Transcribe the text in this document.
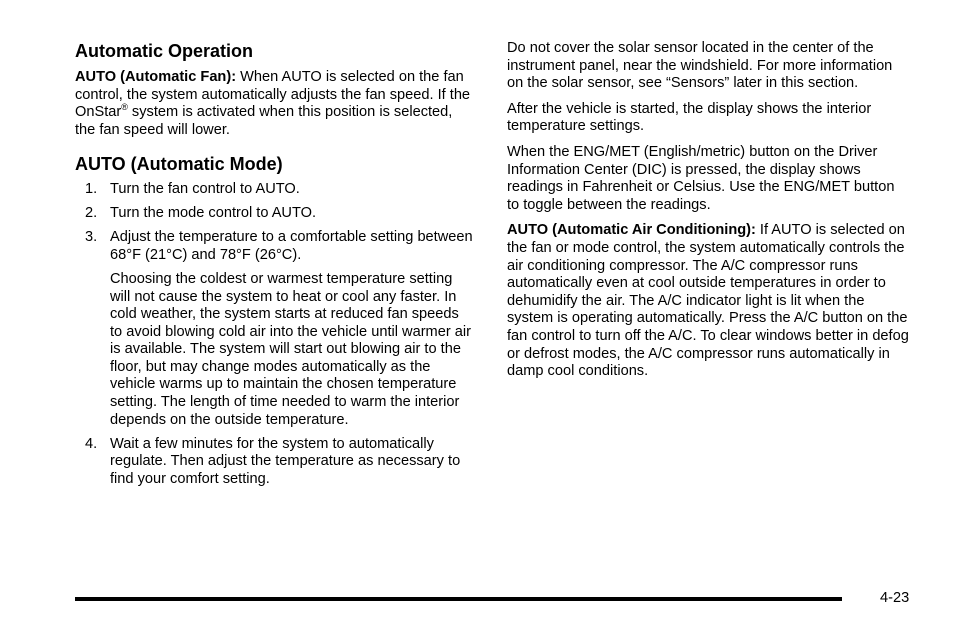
Automatic Operation

AUTO (Automatic Fan): When AUTO is selected on the fan control, the system automatically adjusts the fan speed. If the OnStar® system is activated when this position is selected, the fan speed will lower.

AUTO (Automatic Mode)
1. Turn the fan control to AUTO.
2. Turn the mode control to AUTO.
3. Adjust the temperature to a comfortable setting between 68°F (21°C) and 78°F (26°C).

Choosing the coldest or warmest temperature setting will not cause the system to heat or cool any faster. In cold weather, the system starts at reduced fan speeds to avoid blowing cold air into the vehicle until warmer air is available. The system will start out blowing air to the floor, but may change modes automatically as the vehicle warms up to maintain the chosen temperature setting. The length of time needed to warm the interior depends on the outside temperature.

4. Wait a few minutes for the system to automatically regulate. Then adjust the temperature as necessary to find your comfort setting.

Do not cover the solar sensor located in the center of the instrument panel, near the windshield. For more information on the solar sensor, see “Sensors” later in this section.

After the vehicle is started, the display shows the interior temperature settings.

When the ENG/MET (English/metric) button on the Driver Information Center (DIC) is pressed, the display shows readings in Fahrenheit or Celsius. Use the ENG/MET button to toggle between the readings.

AUTO (Automatic Air Conditioning): If AUTO is selected on the fan or mode control, the system automatically controls the air conditioning compressor. The A/C compressor runs automatically even at cool outside temperatures in order to dehumidify the air. The A/C indicator light is lit when the system is operating automatically. Press the A/C button on the fan control to turn off the A/C. To clear windows better in defog or defrost modes, the A/C compressor runs automatically in damp cool conditions.

4-23
